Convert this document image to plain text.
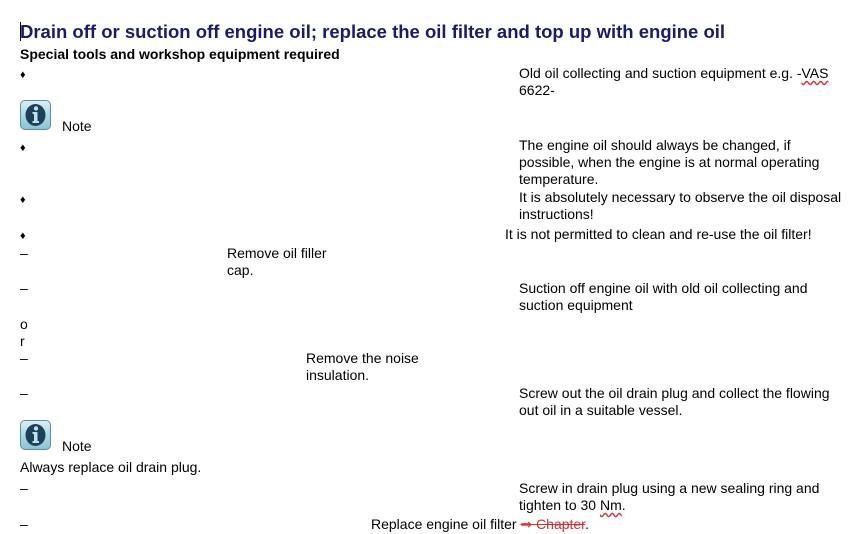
Drain off or suction off engine oil; replace the oil filter and top up with engine oil
Special tools and workshop equipment required
♦	Old oil collecting and suction equipment e.g. -VAS
6622-
Note
♦	The engine oil should always be changed, if possible, when the engine is at normal operating temperature.
♦	It is absolutely necessary to observe the oil disposal instructions!
♦	It is not permitted to clean and re-use the oil filter!
–	Remove oil filler cap.
–	Suction off engine oil with old oil collecting and suction equipment
o
r
–	Remove the noise insulation.
–	Screw out the oil drain plug and collect the flowing out oil in a suitable vessel.
Note
Always replace oil drain plug.
–	Screw in drain plug using a new sealing ring and tighten to 30 Nm.
–	Replace engine oil filter ⇒ Chapter.
